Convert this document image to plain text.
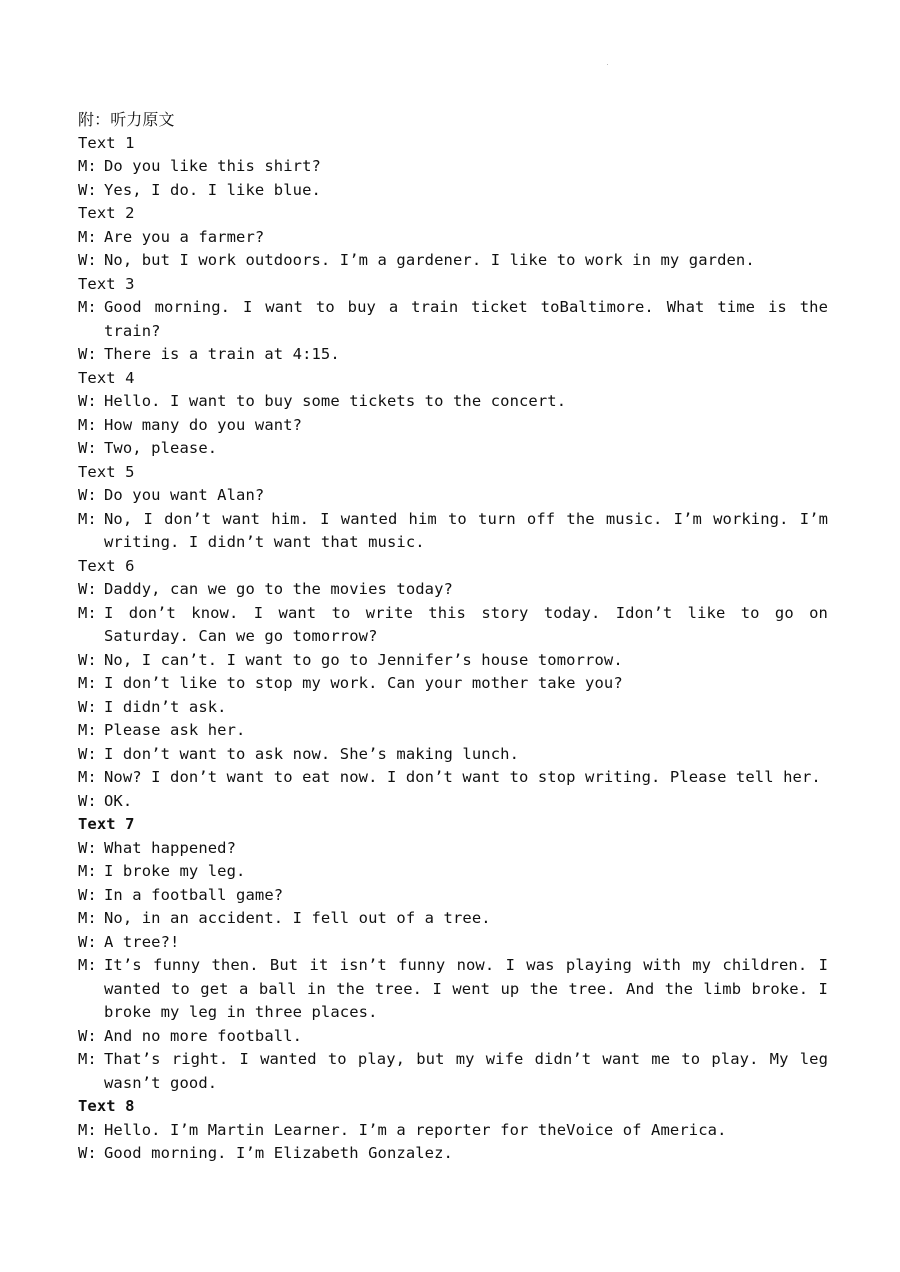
附：听力原文
Text 1
M: Do you like this shirt?
W: Yes, I do. I like blue.
Text 2
M: Are you a farmer?
W: No, but I work outdoors. I’m a gardener. I like to work in my garden.
Text 3
M: Good morning. I want to buy a train ticket toBaltimore. What time is the train?
W: There is a train at 4:15.
Text 4
W: Hello. I want to buy some tickets to the concert.
M: How many do you want?
W: Two, please.
Text 5
W: Do you want Alan?
M: No, I don’t want him. I wanted him to turn off the music. I’m working. I’m writing. I didn’t want that music.
Text 6
W: Daddy, can we go to the movies today?
M: I don’t know. I want to write this story today. Idon’t like to go on Saturday. Can we go tomorrow?
W: No, I can’t. I want to go to Jennifer’s house tomorrow.
M: I don’t like to stop my work. Can your mother take you?
W: I didn’t ask.
M: Please ask her.
W: I don’t want to ask now. She’s making lunch.
M: Now? I don’t want to eat now. I don’t want to stop writing. Please tell her.
W: OK.
Text 7
W: What happened?
M: I broke my leg.
W: In a football game?
M: No, in an accident. I fell out of a tree.
W: A tree?!
M: It’s funny then. But it isn’t funny now. I was playing with my children. I wanted to get a ball in the tree. I went up the tree. And the limb broke. I broke my leg in three places.
W: And no more football.
M: That’s right. I wanted to play, but my wife didn’t want me to play. My leg wasn’t good.
Text 8
M: Hello. I’m Martin Learner. I’m a reporter for theVoice of America.
W: Good morning. I’m Elizabeth Gonzalez.
